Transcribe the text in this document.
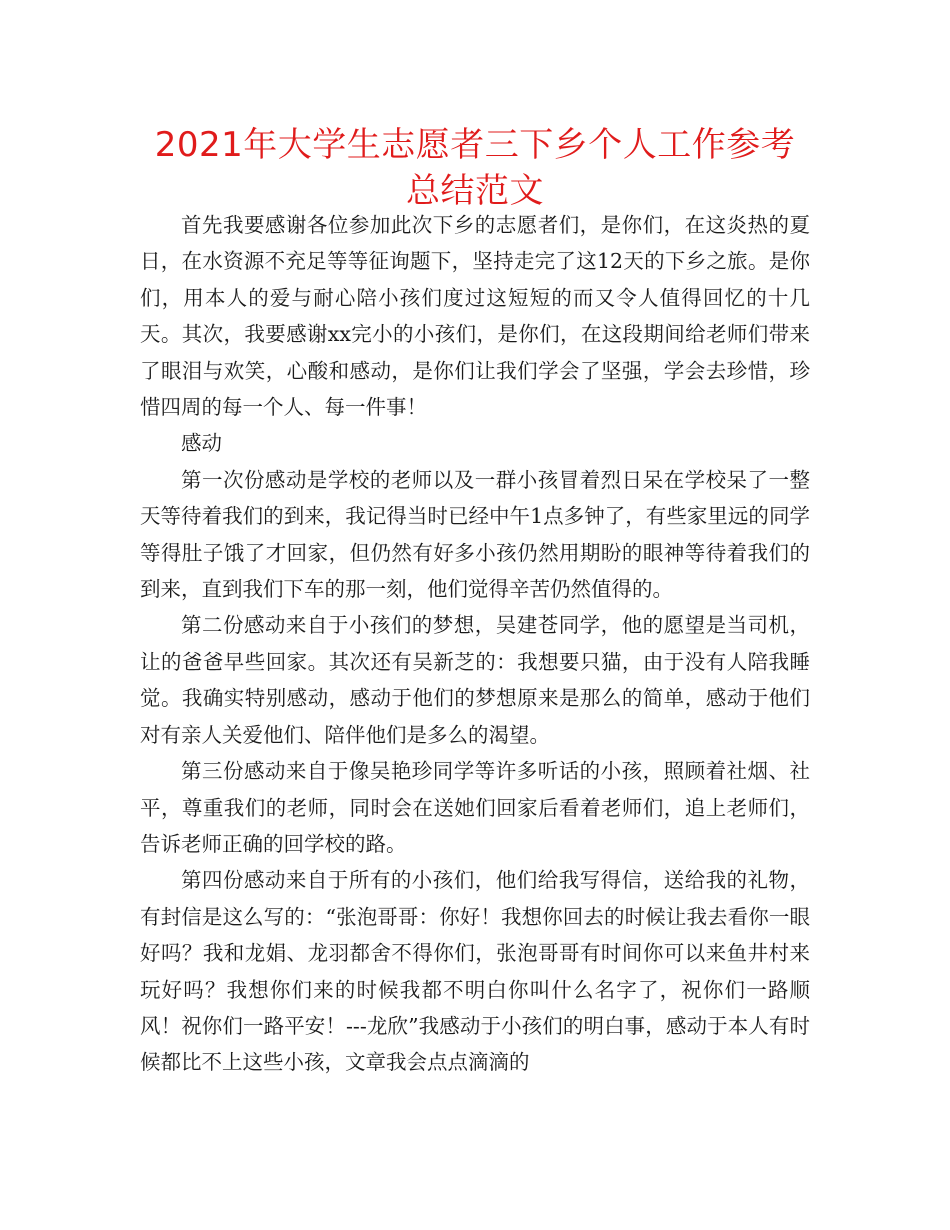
2021年大学生志愿者三下乡个人工作参考总结范文

首先我要感谢各位参加此次下乡的志愿者们，是你们，在这炎热的夏日，在水资源不充足等等征询题下，坚持走完了这12天的下乡之旅。是你们，用本人的爱与耐心陪小孩们度过这短短的而又令人值得回忆的十几天。其次，我要感谢xx完小的小孩们，是你们，在这段期间给老师们带来了眼泪与欢笑，心酸和感动，是你们让我们学会了坚强，学会去珍惜，珍惜四周的每一个人、每一件事！

感动

第一次份感动是学校的老师以及一群小孩冒着烈日呆在学校呆了一整天等待着我们的到来，我记得当时已经中午1点多钟了，有些家里远的同学等得肚子饿了才回家，但仍然有好多小孩仍然用期盼的眼神等待着我们的到来，直到我们下车的那一刻，他们觉得辛苦仍然值得的。

第二份感动来自于小孩们的梦想，吴建苍同学，他的愿望是当司机，让的爸爸早些回家。其次还有吴新芝的：我想要只猫，由于没有人陪我睡觉。我确实特别感动，感动于他们的梦想原来是那么的简单，感动于他们对有亲人关爱他们、陪伴他们是多么的渴望。

第三份感动来自于像吴艳珍同学等许多听话的小孩，照顾着社烟、社平，尊重我们的老师，同时会在送她们回家后看着老师们，追上老师们，告诉老师正确的回学校的路。

第四份感动来自于所有的小孩们，他们给我写得信，送给我的礼物，有封信是这么写的：“张泡哥哥：你好！我想你回去的时候让我去看你一眼好吗？我和龙娟、龙羽都舍不得你们，张泡哥哥有时间你可以来鱼井村来玩好吗？我想你们来的时候我都不明白你叫什么名字了，祝你们一路顺风！祝你们一路平安！---龙欣”我感动于小孩们的明白事，感动于本人有时候都比不上这些小孩，文章我会点点滴滴的
